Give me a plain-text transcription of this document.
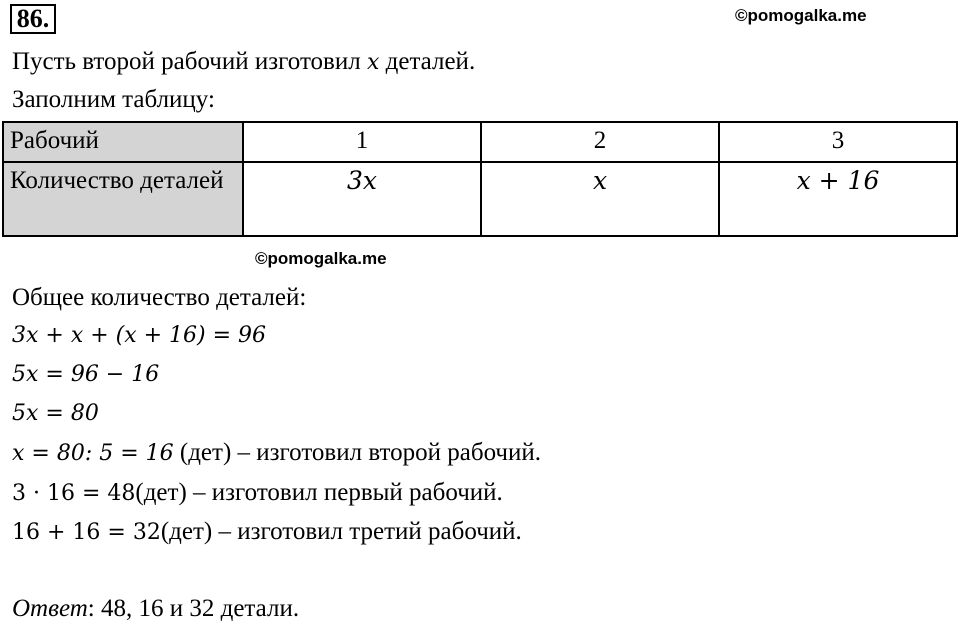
86.	©pomogalka.me
Пусть второй рабочий изготовил x деталей.
Заполним таблицу:
Рабочий	1	2	3
Количество деталей	3x	x	x + 16
©pomogalka.me
Общее количество деталей:
3x + x + (x + 16) = 96
5x = 96 − 16
5x = 80
x = 80: 5 = 16 (дет) – изготовил второй рабочий.
3 · 16 = 48(дет) – изготовил первый рабочий.
16 + 16 = 32(дет) – изготовил третий рабочий.
Ответ: 48, 16 и 32 детали.
